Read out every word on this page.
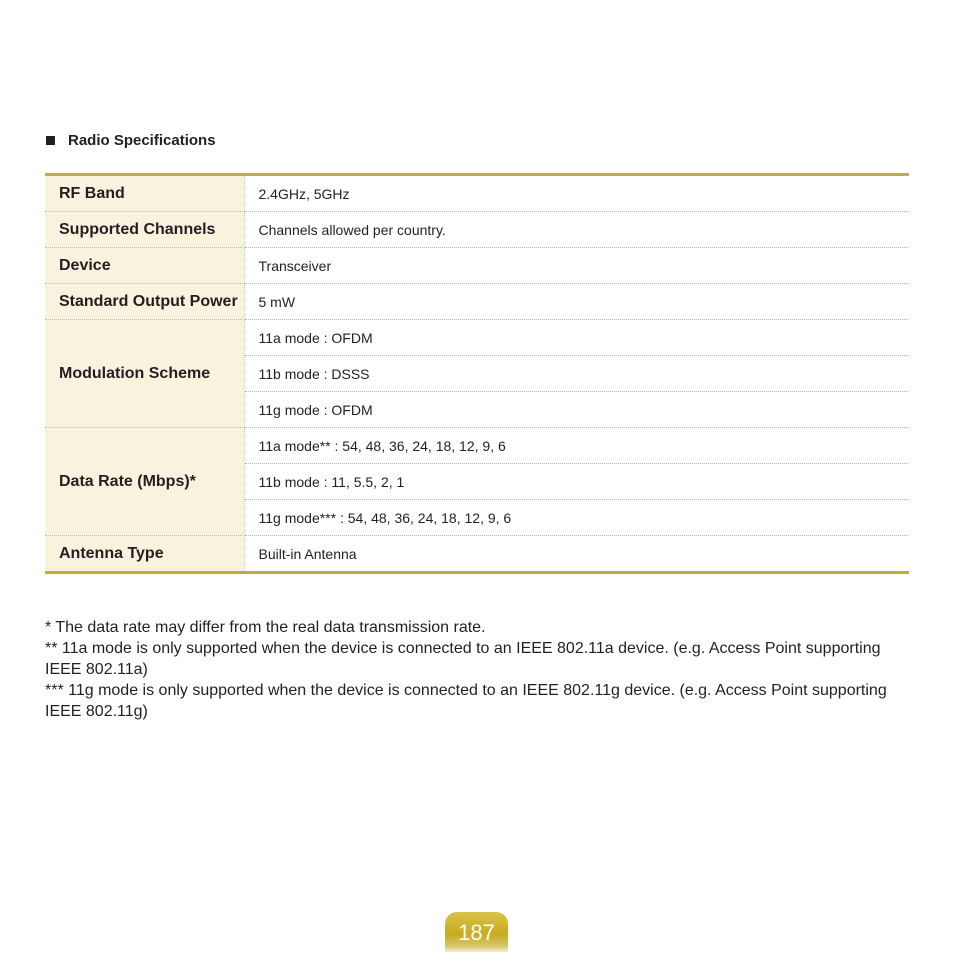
Radio Specifications
RF Band	2.4GHz, 5GHz
Supported Channels	Channels allowed per country.
Device	Transceiver
Standard Output Power	5 mW
Modulation Scheme	11a mode : OFDM
	11b mode : DSSS
	11g mode : OFDM
Data Rate (Mbps)*	11a mode** : 54, 48, 36, 24, 18, 12, 9, 6
	11b mode : 11, 5.5, 2, 1
	11g mode*** : 54, 48, 36, 24, 18, 12, 9, 6
Antenna Type	Built-in Antenna

* The data rate may differ from the real data transmission rate.

** 11a mode is only supported when the device is connected to an IEEE 802.11a device. (e.g. Access Point supporting IEEE 802.11a)

*** 11g mode is only supported when the device is connected to an IEEE 802.11g device. (e.g. Access Point supporting IEEE 802.11g)

187
